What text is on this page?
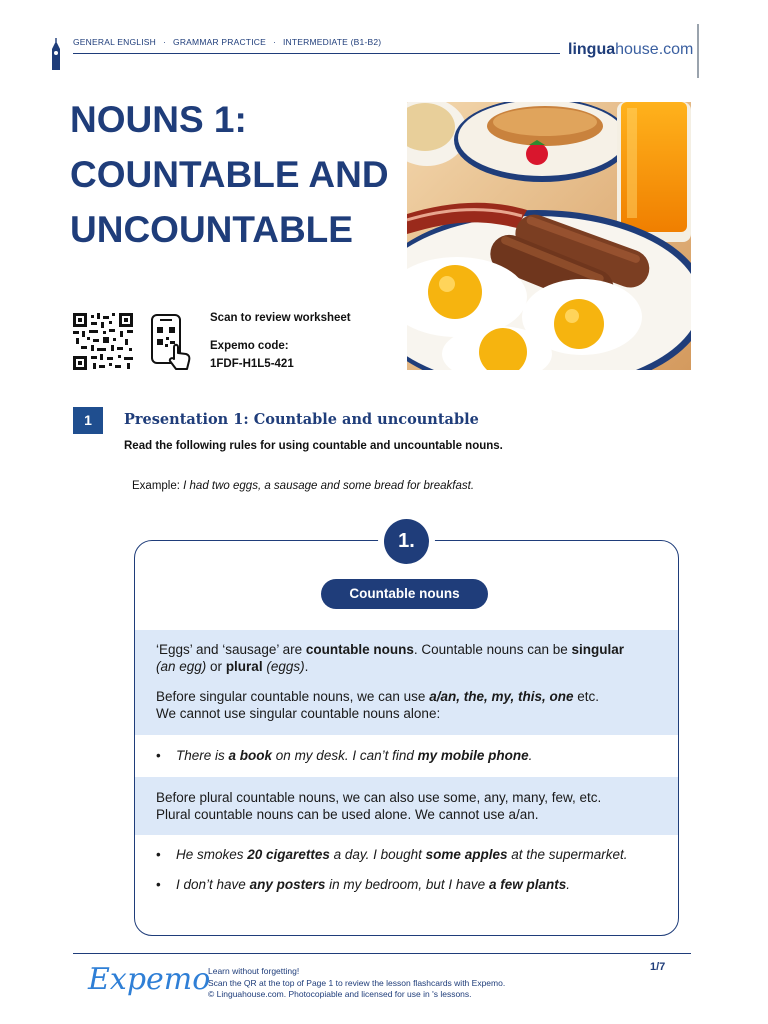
GENERAL ENGLISH · GRAMMAR PRACTICE · INTERMEDIATE (B1-B2)	linguahouse.com
NOUNS 1:
COUNTABLE AND
UNCOUNTABLE
Scan to review worksheet
Expemo code:
1FDF-H1L5-421
1	Presentation 1: Countable and uncountable
Read the following rules for using countable and uncountable nouns.
Example: I had two eggs, a sausage and some bread for breakfast.
Countable nouns
‘Eggs’ and ‘sausage’ are countable nouns. Countable nouns can be singular
(an egg) or plural (eggs).
Before singular countable nouns, we can use a/an, the, my, this, one etc.
We cannot use singular countable nouns alone:
• There is a book on my desk. I can’t find my mobile phone.
Before plural countable nouns, we can also use some, any, many, few, etc.
Plural countable nouns can be used alone. We cannot use a/an.
• He smokes 20 cigarettes a day. I bought some apples at the supermarket.
• I don’t have any posters in my bedroom, but I have a few plants.
1.
Expemo
Learn without forgetting!
Scan the QR at the top of Page 1 to review the lesson flashcards with Expemo.
© Linguahouse.com. Photocopiable and licensed for use in 's lessons.
1/7
